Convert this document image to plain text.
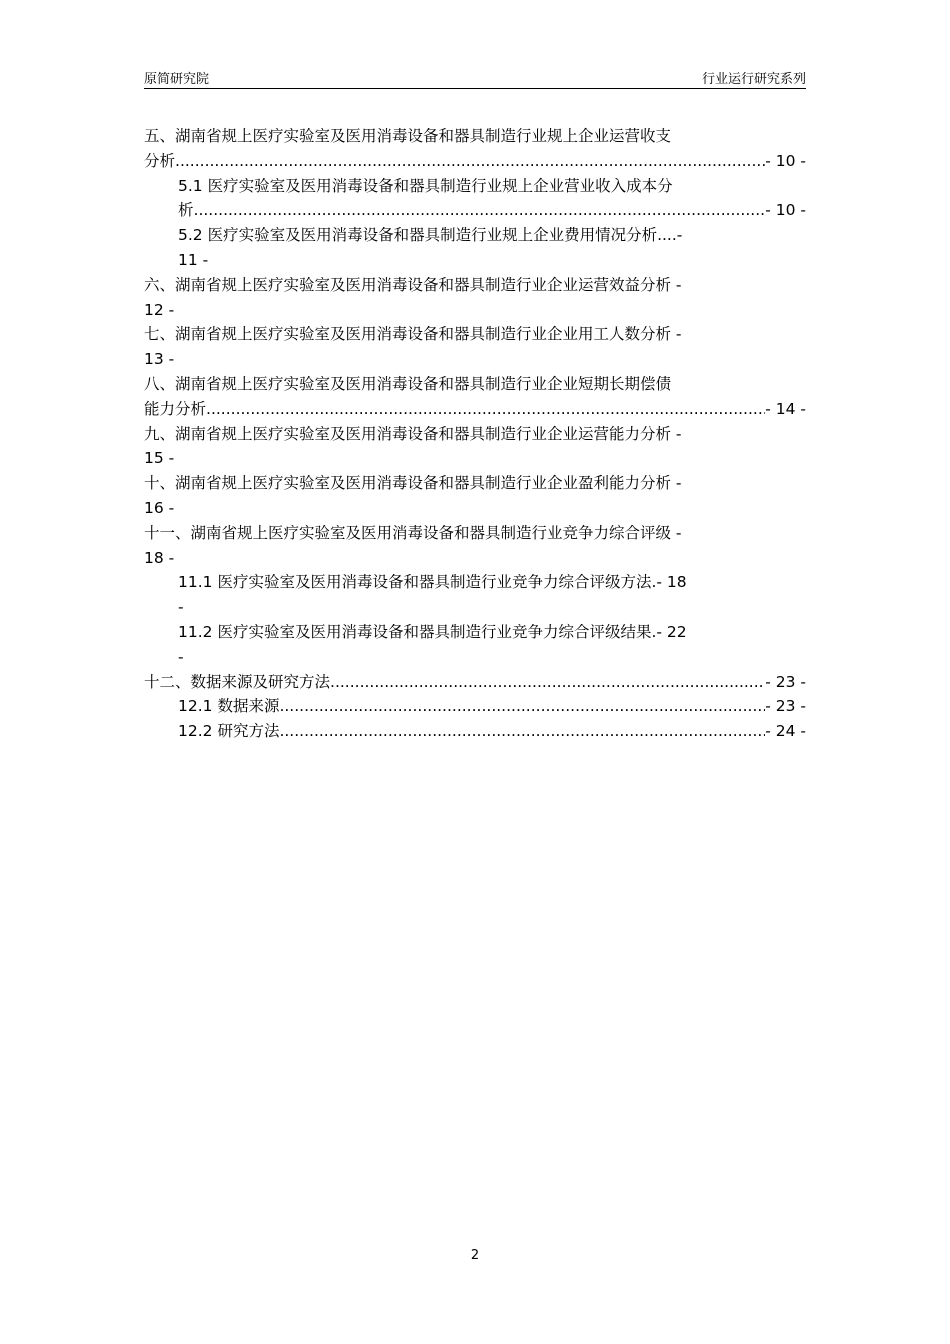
原简研究院	行业运行研究系列
五、湖南省规上医疗实验室及医用消毒设备和器具制造行业规上企业运营收支
分析 .....	- 10 -
5.1 医疗实验室及医用消毒设备和器具制造行业规上企业营业收入成本分
析 .....	- 10 -
5.2 医疗实验室及医用消毒设备和器具制造行业规上企业费用情况分析....-
11 -
六、湖南省规上医疗实验室及医用消毒设备和器具制造行业企业运营效益分析 -
12 -
七、湖南省规上医疗实验室及医用消毒设备和器具制造行业企业用工人数分析 -
13 -
八、湖南省规上医疗实验室及医用消毒设备和器具制造行业企业短期长期偿债
能力分析 .....	- 14 -
九、湖南省规上医疗实验室及医用消毒设备和器具制造行业企业运营能力分析 -
15 -
十、湖南省规上医疗实验室及医用消毒设备和器具制造行业企业盈利能力分析 -
16 -
十一、湖南省规上医疗实验室及医用消毒设备和器具制造行业竞争力综合评级 -
18 -
11.1 医疗实验室及医用消毒设备和器具制造行业竞争力综合评级方法.- 18
-
11.2 医疗实验室及医用消毒设备和器具制造行业竞争力综合评级结果.- 22
-
十二、数据来源及研究方法 .....	- 23 -
12.1 数据来源 .....	- 23 -
12.2 研究方法 .....	- 24 -
2
